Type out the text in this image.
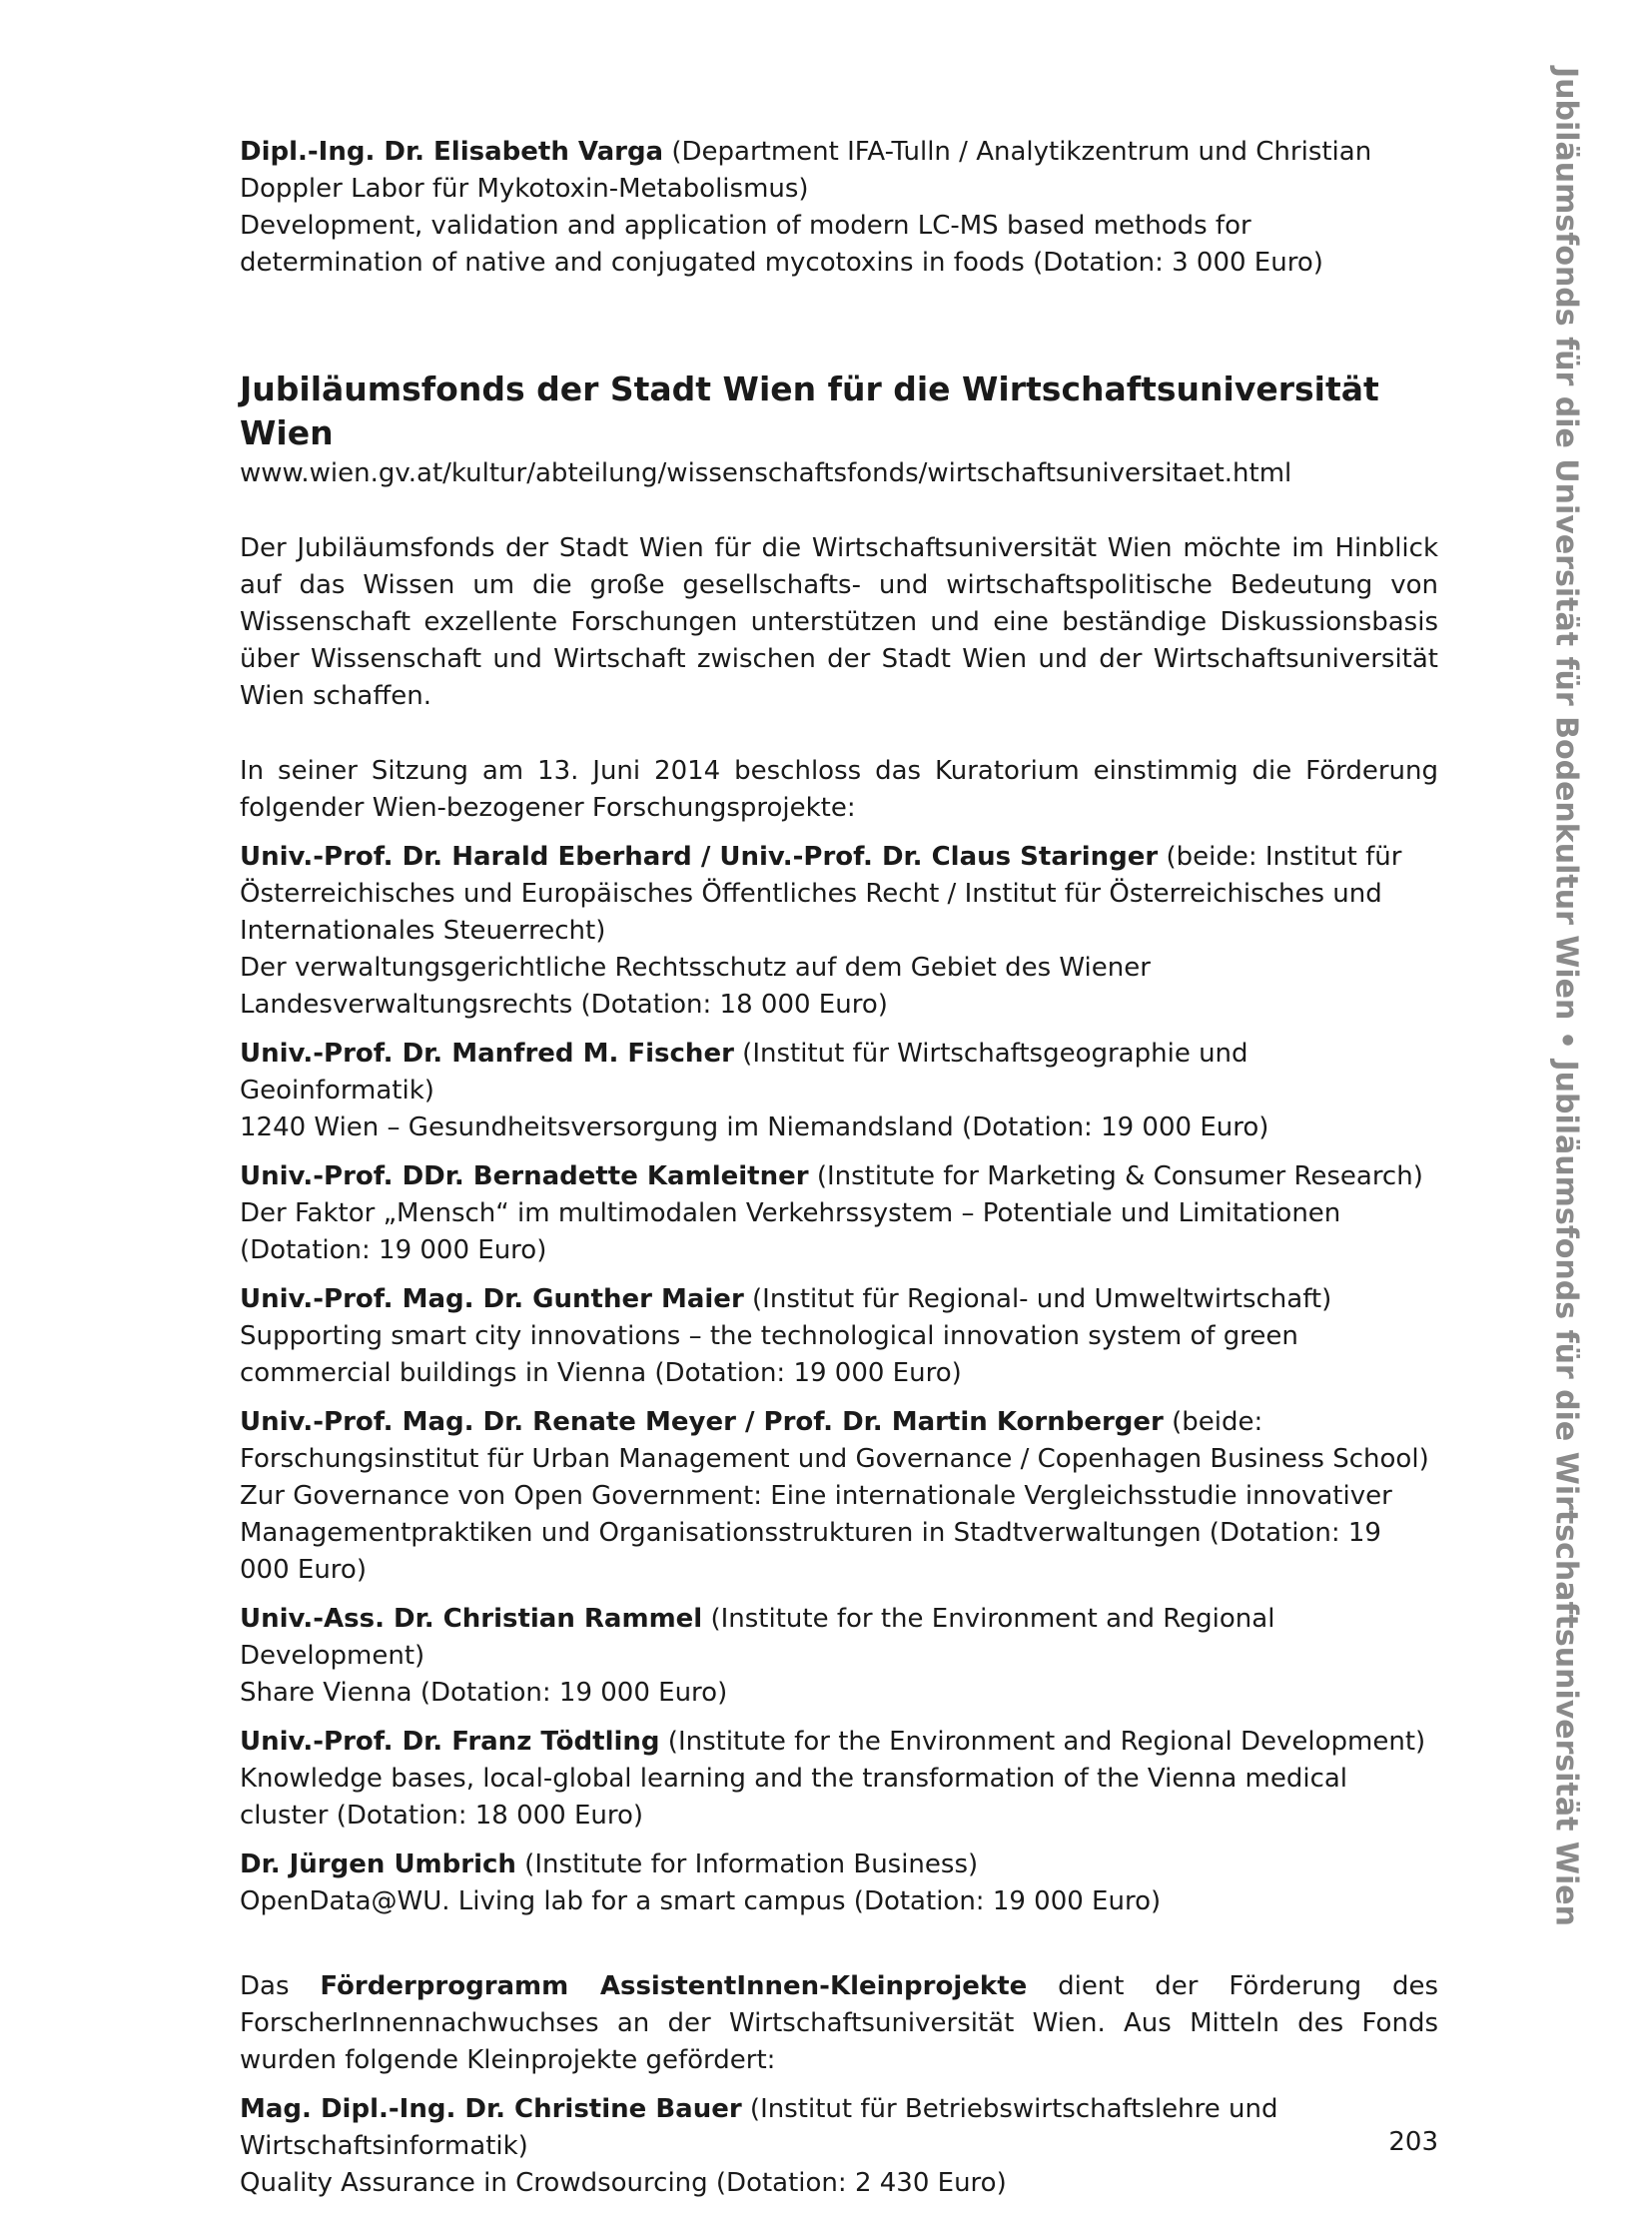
Dipl.-Ing. Dr. Elisabeth Varga (Department IFA-Tulln / Analytikzentrum und Christian Doppler Labor für Mykotoxin-Metabolismus)

Development, validation and application of modern LC-MS based methods for determination of native and conjugated mycotoxins in foods (Dotation: 3 000 Euro)

Jubiläumsfonds der Stadt Wien für die Wirtschaftsuniversität Wien

www.wien.gv.at/kultur/abteilung/wissenschaftsfonds/wirtschaftsuniversitaet.html

Der Jubiläumsfonds der Stadt Wien für die Wirtschaftsuniversität Wien möchte im Hinblick auf das Wissen um die große gesellschafts- und wirtschaftspolitische Bedeutung von Wissenschaft exzellente Forschungen unterstützen und eine beständige Diskussionsbasis über Wissenschaft und Wirtschaft zwischen der Stadt Wien und der Wirtschaftsuniversität Wien schaffen.

In seiner Sitzung am 13. Juni 2014 beschloss das Kuratorium einstimmig die Förderung folgender Wien-bezogener Forschungsprojekte:

Univ.-Prof. Dr. Harald Eberhard / Univ.-Prof. Dr. Claus Staringer (beide: Institut für Österreichisches und Europäisches Öffentliches Recht / Institut für Österreichisches und Internationales Steuerrecht)

Der verwaltungsgerichtliche Rechtsschutz auf dem Gebiet des Wiener Landesverwaltungsrechts (Dotation: 18 000 Euro)

Univ.-Prof. Dr. Manfred M. Fischer (Institut für Wirtschaftsgeographie und Geoinformatik)

1240 Wien – Gesundheitsversorgung im Niemandsland (Dotation: 19 000 Euro)

Univ.-Prof. DDr. Bernadette Kamleitner (Institute for Marketing & Consumer Research)

Der Faktor „Mensch“ im multimodalen Verkehrssystem – Potentiale und Limitationen (Dotation: 19 000 Euro)

Univ.-Prof. Mag. Dr. Gunther Maier (Institut für Regional- und Umweltwirtschaft)

Supporting smart city innovations – the technological innovation system of green commercial buildings in Vienna (Dotation: 19 000 Euro)

Univ.-Prof. Mag. Dr. Renate Meyer / Prof. Dr. Martin Kornberger (beide: Forschungsinstitut für Urban Management und Governance / Copenhagen Business School)

Zur Governance von Open Government: Eine internationale Vergleichsstudie innovativer Managementpraktiken und Organisationsstrukturen in Stadtverwaltungen (Dotation: 19 000 Euro)

Univ.-Ass. Dr. Christian Rammel (Institute for the Environment and Regional Development)

Share Vienna (Dotation: 19 000 Euro)

Univ.-Prof. Dr. Franz Tödtling (Institute for the Environment and Regional Development)

Knowledge bases, local-global learning and the transformation of the Vienna medical cluster (Dotation: 18 000 Euro)

Dr. Jürgen Umbrich (Institute for Information Business)

OpenData@WU. Living lab for a smart campus (Dotation: 19 000 Euro)

Das Förderprogramm AssistentInnen-Kleinprojekte dient der Förderung des ForscherInnennachwuchses an der Wirtschaftsuniversität Wien. Aus Mitteln des Fonds wurden folgende Kleinprojekte gefördert:

Mag. Dipl.-Ing. Dr. Christine Bauer (Institut für Betriebswirtschaftslehre und Wirtschaftsinformatik)

Quality Assurance in Crowdsourcing (Dotation: 2 430 Euro)

Jubiläumsfonds für die Universität für Bodenkultur Wien • Jubiläumsfonds für die Wirtschaftsuniversität Wien
203
